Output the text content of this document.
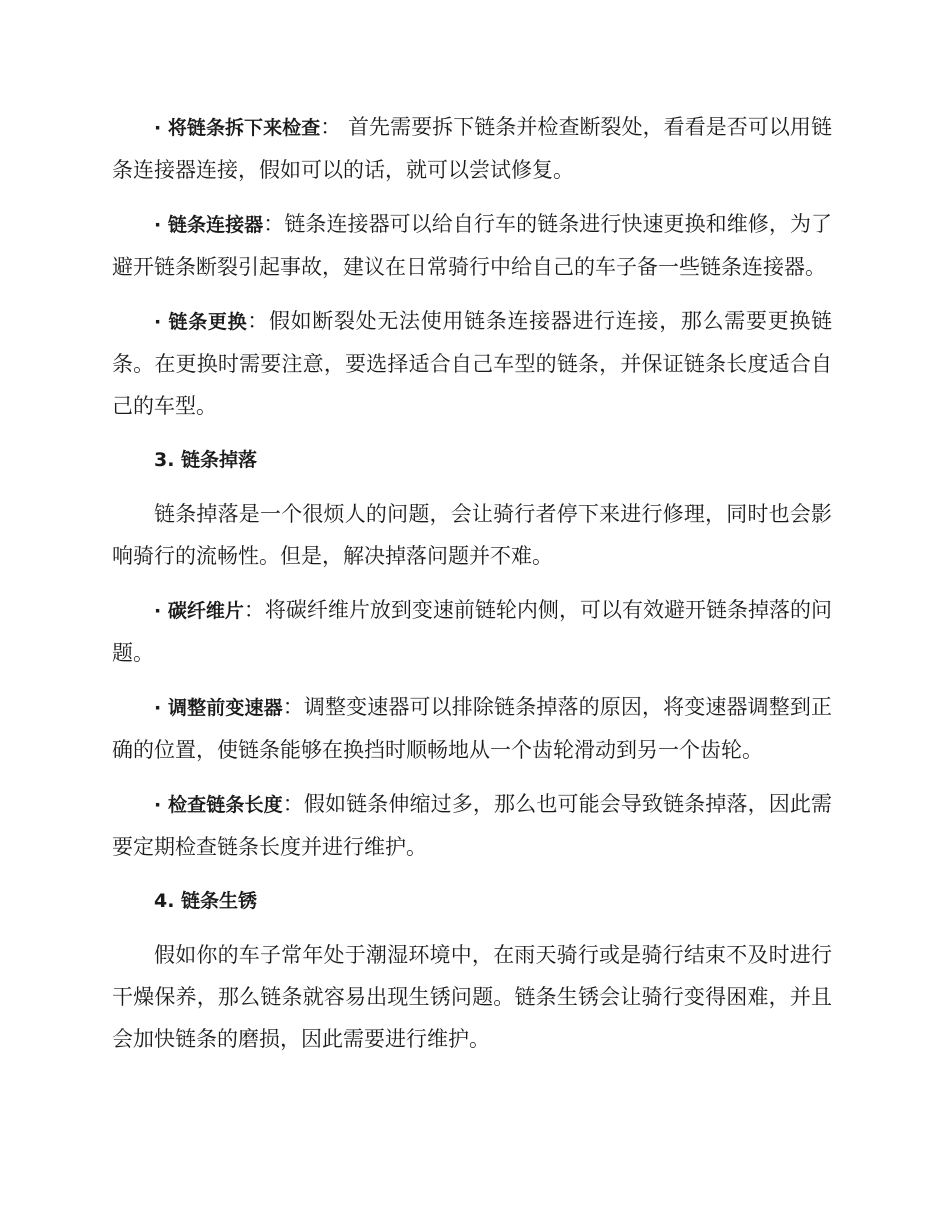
· 将链条拆下来检查： 首先需要拆下链条并检查断裂处，看看是否可以用链条连接器连接，假如可以的话，就可以尝试修复。

· 链条连接器：链条连接器可以给自行车的链条进行快速更换和维修，为了避开链条断裂引起事故，建议在日常骑行中给自己的车子备一些链条连接器。

· 链条更换：假如断裂处无法使用链条连接器进行连接，那么需要更换链条。在更换时需要注意，要选择适合自己车型的链条，并保证链条长度适合自己的车型。

3. 链条掉落

链条掉落是一个很烦人的问题，会让骑行者停下来进行修理，同时也会影响骑行的流畅性。但是，解决掉落问题并不难。

· 碳纤维片：将碳纤维片放到变速前链轮内侧，可以有效避开链条掉落的问题。

· 调整前变速器：调整变速器可以排除链条掉落的原因，将变速器调整到正确的位置，使链条能够在换挡时顺畅地从一个齿轮滑动到另一个齿轮。

· 检查链条长度：假如链条伸缩过多，那么也可能会导致链条掉落，因此需要定期检查链条长度并进行维护。

4. 链条生锈

假如你的车子常年处于潮湿环境中，在雨天骑行或是骑行结束不及时进行干燥保养，那么链条就容易出现生锈问题。链条生锈会让骑行变得困难，并且会加快链条的磨损，因此需要进行维护。
